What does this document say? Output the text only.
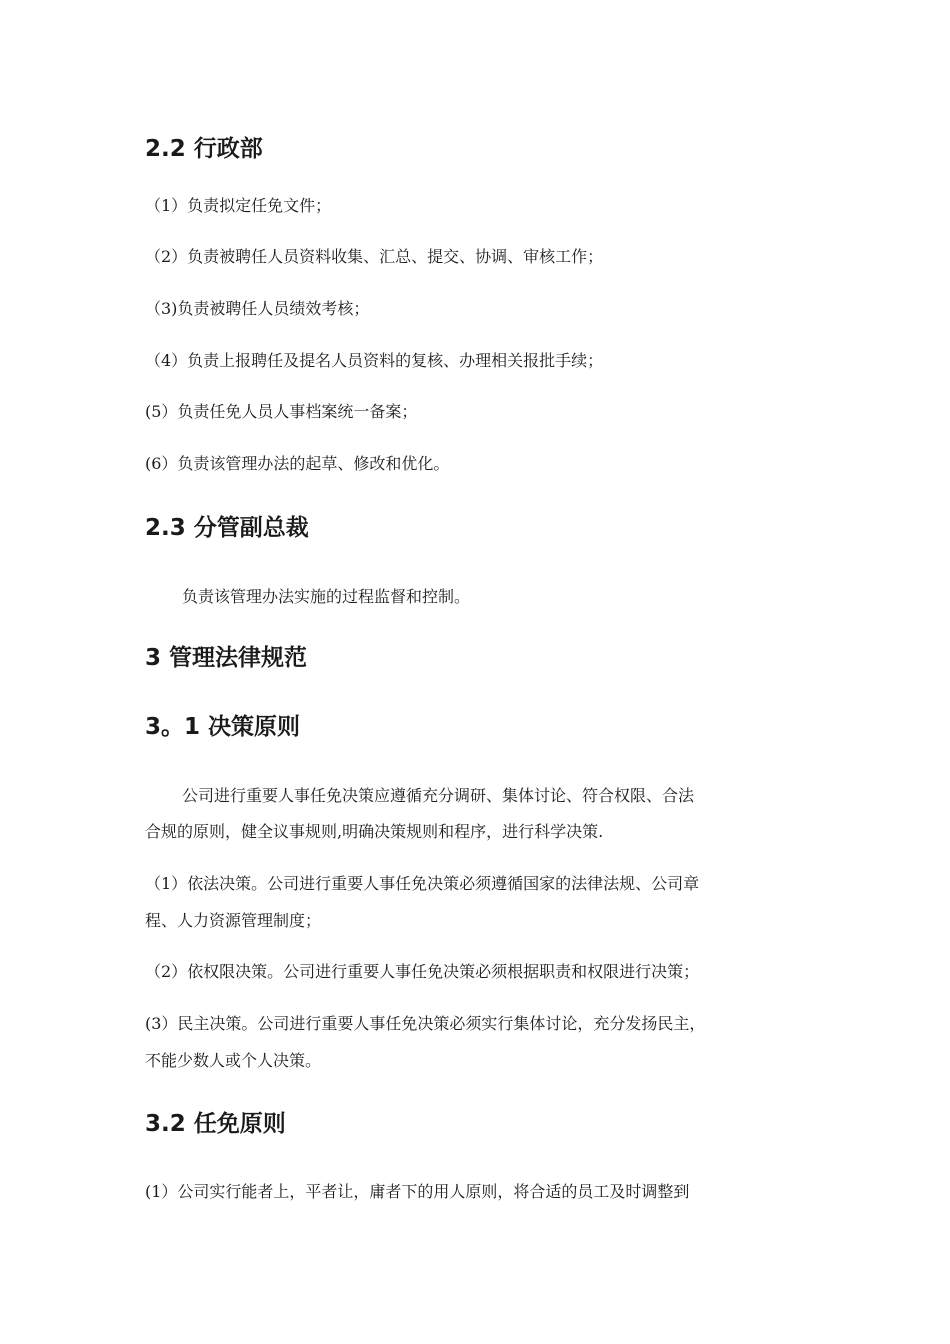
2.2 行政部
（1）负责拟定任免文件；
（2）负责被聘任人员资料收集、汇总、提交、协调、审核工作；
（3)负责被聘任人员绩效考核；
（4）负责上报聘任及提名人员资料的复核、办理相关报批手续；
(5）负责任免人员人事档案统一备案；
(6）负责该管理办法的起草、修改和优化。
2.3 分管副总裁
负责该管理办法实施的过程监督和控制。
3 管理法律规范
3。1 决策原则
公司进行重要人事任免决策应遵循充分调研、集体讨论、符合权限、合法
合规的原则，健全议事规则,明确决策规则和程序，进行科学决策.
（1）依法决策。公司进行重要人事任免决策必须遵循国家的法律法规、公司章
程、人力资源管理制度；
（2）依权限决策。公司进行重要人事任免决策必须根据职责和权限进行决策；
(3）民主决策。公司进行重要人事任免决策必须实行集体讨论，充分发扬民主，
不能少数人或个人决策。
3.2 任免原则
(1）公司实行能者上，平者让，庸者下的用人原则，将合适的员工及时调整到
